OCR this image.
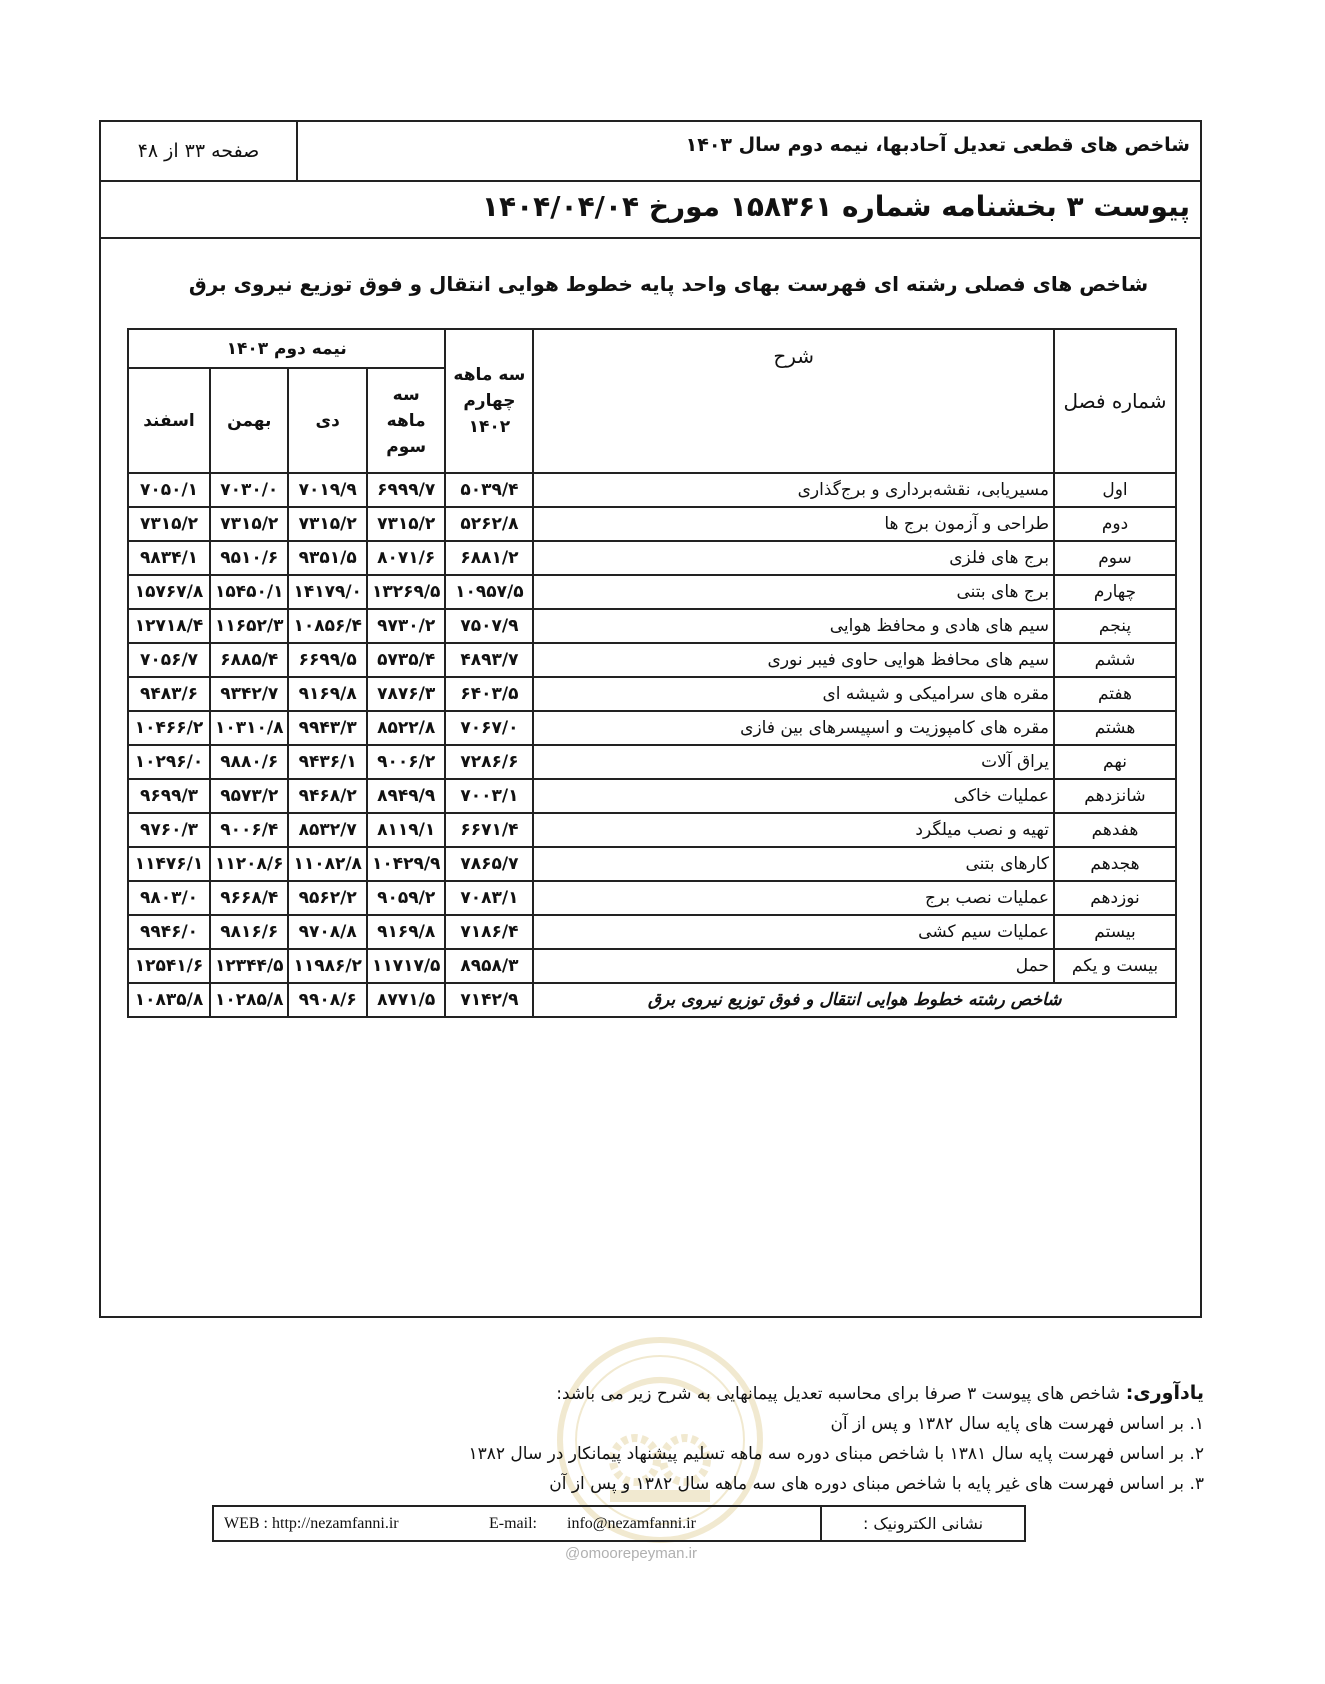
شاخص های قطعی تعدیل آحادبها، نیمه دوم سال ۱۴۰۳
صفحه ۳۳ از ۴۸
پیوست ۳ بخشنامه شماره ۱۵۸۳۶۱ مورخ ۱۴۰۴/۰۴/۰۴
شاخص های فصلی رشته ای فهرست بهای واحد پایه خطوط هوایی انتقال و فوق توزیع نیروی برق
شماره فصل	شرح	سه ماهه چهارم ۱۴۰۲	نیمه دوم ۱۴۰۳			
			سه ماهه سوم	دی	بهمن	اسفند
اول	مسیریابی، نقشه‌برداری و برج‌گذاری	۵۰۳۹/۴	۶۹۹۹/۷	۷۰۱۹/۹	۷۰۳۰/۰	۷۰۵۰/۱
دوم	طراحی و آزمون برج ها	۵۲۶۲/۸	۷۳۱۵/۲	۷۳۱۵/۲	۷۳۱۵/۲	۷۳۱۵/۲
سوم	برج های فلزی	۶۸۸۱/۲	۸۰۷۱/۶	۹۳۵۱/۵	۹۵۱۰/۶	۹۸۳۴/۱
چهارم	برج های بتنی	۱۰۹۵۷/۵	۱۳۲۶۹/۵	۱۴۱۷۹/۰	۱۵۴۵۰/۱	۱۵۷۶۷/۸
پنجم	سیم های هادی و محافظ هوایی	۷۵۰۷/۹	۹۷۳۰/۲	۱۰۸۵۶/۴	۱۱۶۵۲/۳	۱۲۷۱۸/۴
ششم	سیم های محافظ هوایی حاوی فیبر نوری	۴۸۹۳/۷	۵۷۳۵/۴	۶۶۹۹/۵	۶۸۸۵/۴	۷۰۵۶/۷
هفتم	مقره های سرامیکی و شیشه ای	۶۴۰۳/۵	۷۸۷۶/۳	۹۱۶۹/۸	۹۳۴۲/۷	۹۴۸۳/۶
هشتم	مقره های کامپوزیت و اسپیسرهای بین فازی	۷۰۶۷/۰	۸۵۲۲/۸	۹۹۴۳/۳	۱۰۳۱۰/۸	۱۰۴۶۶/۲
نهم	یراق آلات	۷۲۸۶/۶	۹۰۰۶/۲	۹۴۳۶/۱	۹۸۸۰/۶	۱۰۲۹۶/۰
شانزدهم	عملیات خاکی	۷۰۰۳/۱	۸۹۴۹/۹	۹۴۶۸/۲	۹۵۷۳/۲	۹۶۹۹/۳
هفدهم	تهیه و نصب میلگرد	۶۶۷۱/۴	۸۱۱۹/۱	۸۵۳۲/۷	۹۰۰۶/۴	۹۷۶۰/۳
هجدهم	کارهای بتنی	۷۸۶۵/۷	۱۰۴۲۹/۹	۱۱۰۸۲/۸	۱۱۲۰۸/۶	۱۱۴۷۶/۱
نوزدهم	عملیات نصب برج	۷۰۸۳/۱	۹۰۵۹/۲	۹۵۶۲/۲	۹۶۶۸/۴	۹۸۰۳/۰
بیستم	عملیات سیم کشی	۷۱۸۶/۴	۹۱۶۹/۸	۹۷۰۸/۸	۹۸۱۶/۶	۹۹۴۶/۰
بیست و یکم	حمل	۸۹۵۸/۳	۱۱۷۱۷/۵	۱۱۹۸۶/۲	۱۲۳۴۴/۵	۱۲۵۴۱/۶
شاخص رشته خطوط هوایی انتقال و فوق توزیع نیروی برق		۷۱۴۲/۹	۸۷۷۱/۵	۹۹۰۸/۶	۱۰۲۸۵/۸	۱۰۸۳۵/۸
@omoorepeyman.ir
یادآوری: شاخص های پیوست ۳ صرفا برای محاسبه تعدیل پیمانهایی به شرح زیر می باشد:
۱. بر اساس فهرست های پایه سال ۱۳۸۲ و پس از آن
۲. بر اساس فهرست پایه سال ۱۳۸۱ با شاخص مبنای دوره سه ماهه تسلیم پیشنهاد پیمانکار در سال ۱۳۸۲
۳. بر اساس فهرست های غیر پایه با شاخص مبنای دوره های سه ماهه سال ۱۳۸۲ و پس از آن
نشانی الکترونیک :
WEB : http://nezamfanni.ir	E-mail: info@nezamfanni.ir
